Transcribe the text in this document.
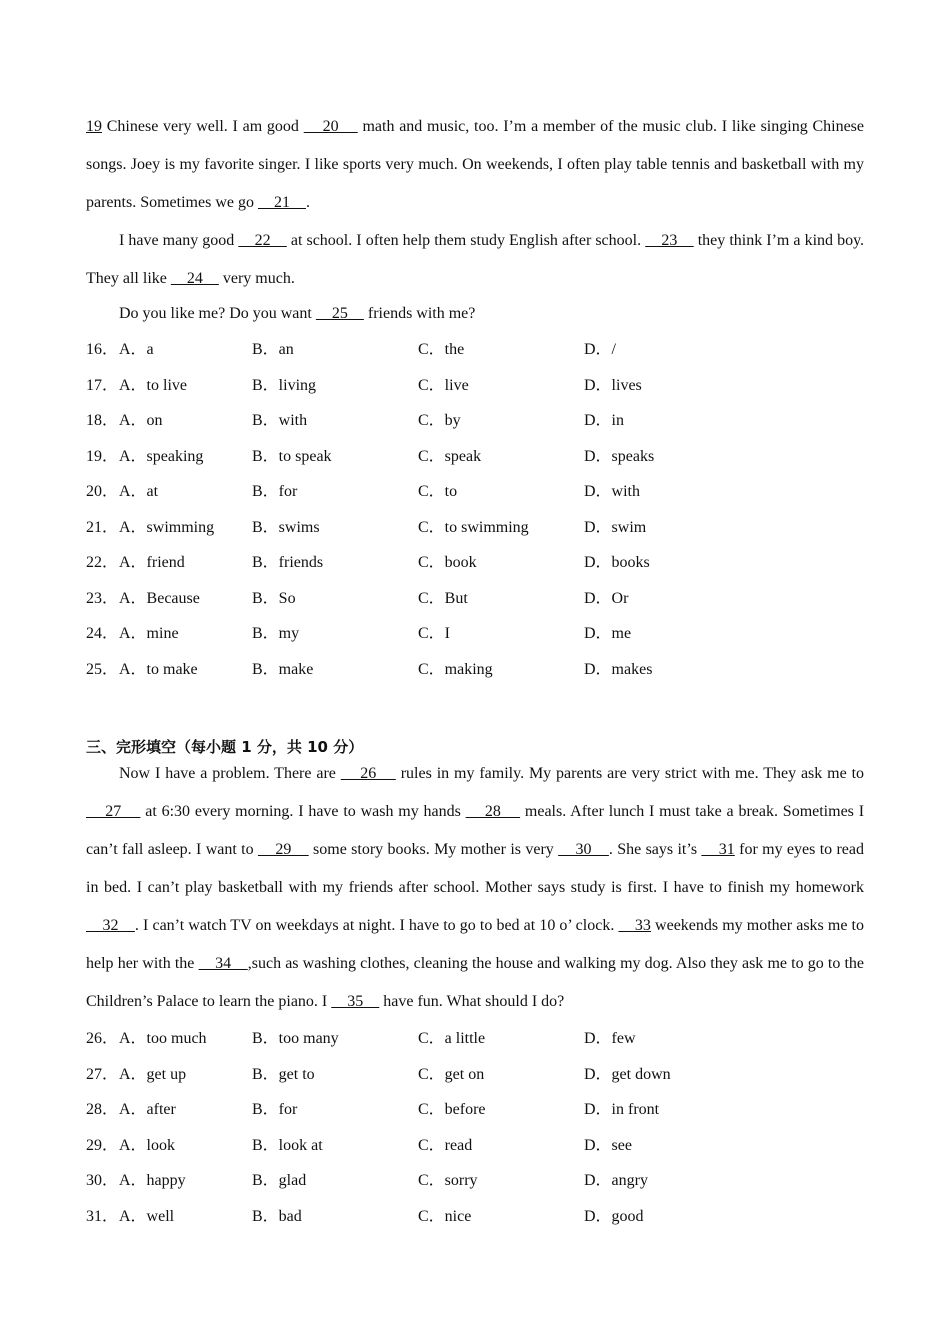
19 Chinese very well. I am good     20     math and music, too. I’m a member of the music club. I like singing Chinese songs. Joey is my favorite singer. I like sports very much. On weekends, I often play table tennis and basketball with my parents. Sometimes we go     21    .

I have many good     22     at school. I often help them study English after school.     23     they think I’m a kind boy. They all like     24     very much.

Do you like me? Do you want     25     friends with me?

16． A．a	B．an	C．the	D．/
17． A．to live	B．living	C．live	D．lives
18． A．on	B．with	C．by	D．in
19． A．speaking	B．to speak	C．speak	D．speaks
20． A．at	B．for	C．to	D．with
21． A．swimming B．swims	C．to swimming	D．swim
22． A．friend	B．friends	C．book	D．books
23． A．Because	B．So	C．But	D．Or
24． A．mine	B．my	C．I	D．me
25． A．to make	B．make	C．making	D．makes

三、完形填空（每小题 1 分，共 10 分）

Now I have a problem. There are     26     rules in my family. My parents are very strict with me. They ask me to     27     at 6:30 every morning. I have to wash my hands     28     meals. After lunch I must take a break. Sometimes I can’t fall asleep. I want to     29     some story books. My mother is very     30    . She says it’s     31 for my eyes to read in bed. I can’t play basketball with my friends after school. Mother says study is first. I have to finish my homework     32    . I can’t watch TV on weekdays at night. I have to go to bed at 10 o’ clock.     33 weekends my mother asks me to help her with the     34    ,such as washing clothes, cleaning the house and walking my dog. Also they ask me to go to the Children’s Palace to learn the piano. I     35     have fun. What should I do?

26． A．too much	B．too many	C．a little	D．few
27． A．get up	B．get to	C．get on	D．get down
28． A．after	B．for	C．before	D．in front
29． A．look	B．look at	C．read	D．see
30． A．happy	B．glad	C．sorry	D．angry
31． A．well	B．bad	C．nice	D．good
